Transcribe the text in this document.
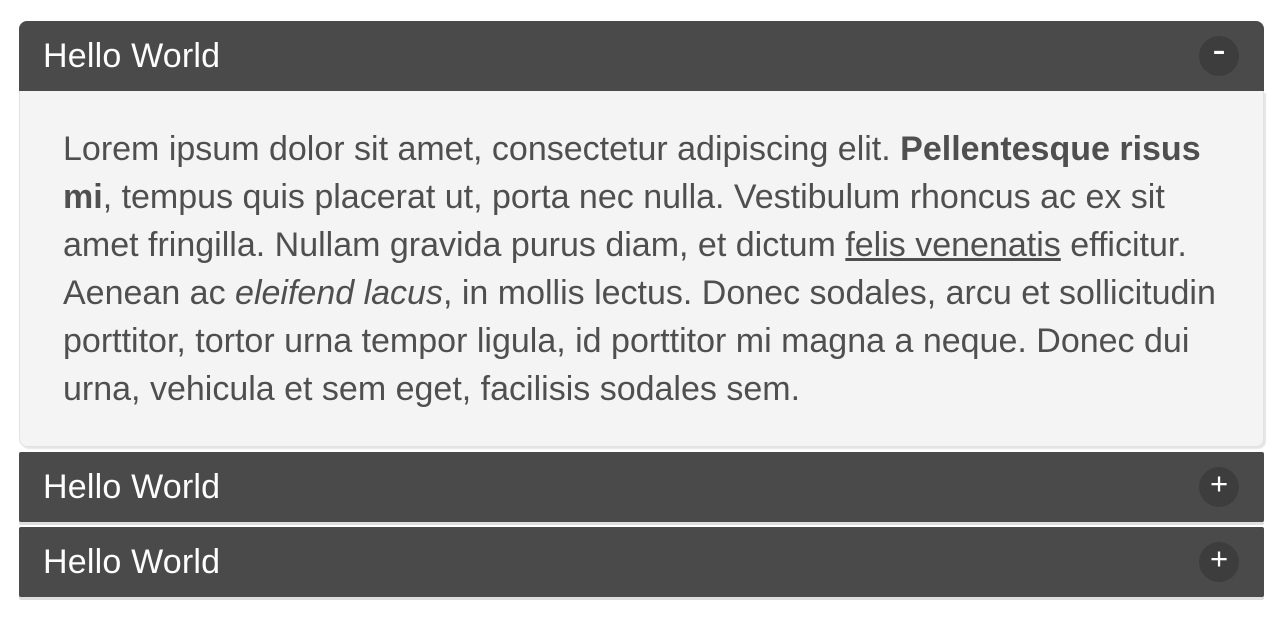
Hello World	-

Lorem ipsum dolor sit amet, consectetur adipiscing elit. Pellentesque risus mi, tempus quis placerat ut, porta nec nulla. Vestibulum rhoncus ac ex sit amet fringilla. Nullam gravida purus diam, et dictum felis venenatis efficitur. Aenean ac eleifend lacus, in mollis lectus. Donec sodales, arcu et sollicitudin porttitor, tortor urna tempor ligula, id porttitor mi magna a neque. Donec dui urna, vehicula et sem eget, facilisis sodales sem.

Hello World	+
Hello World	+
